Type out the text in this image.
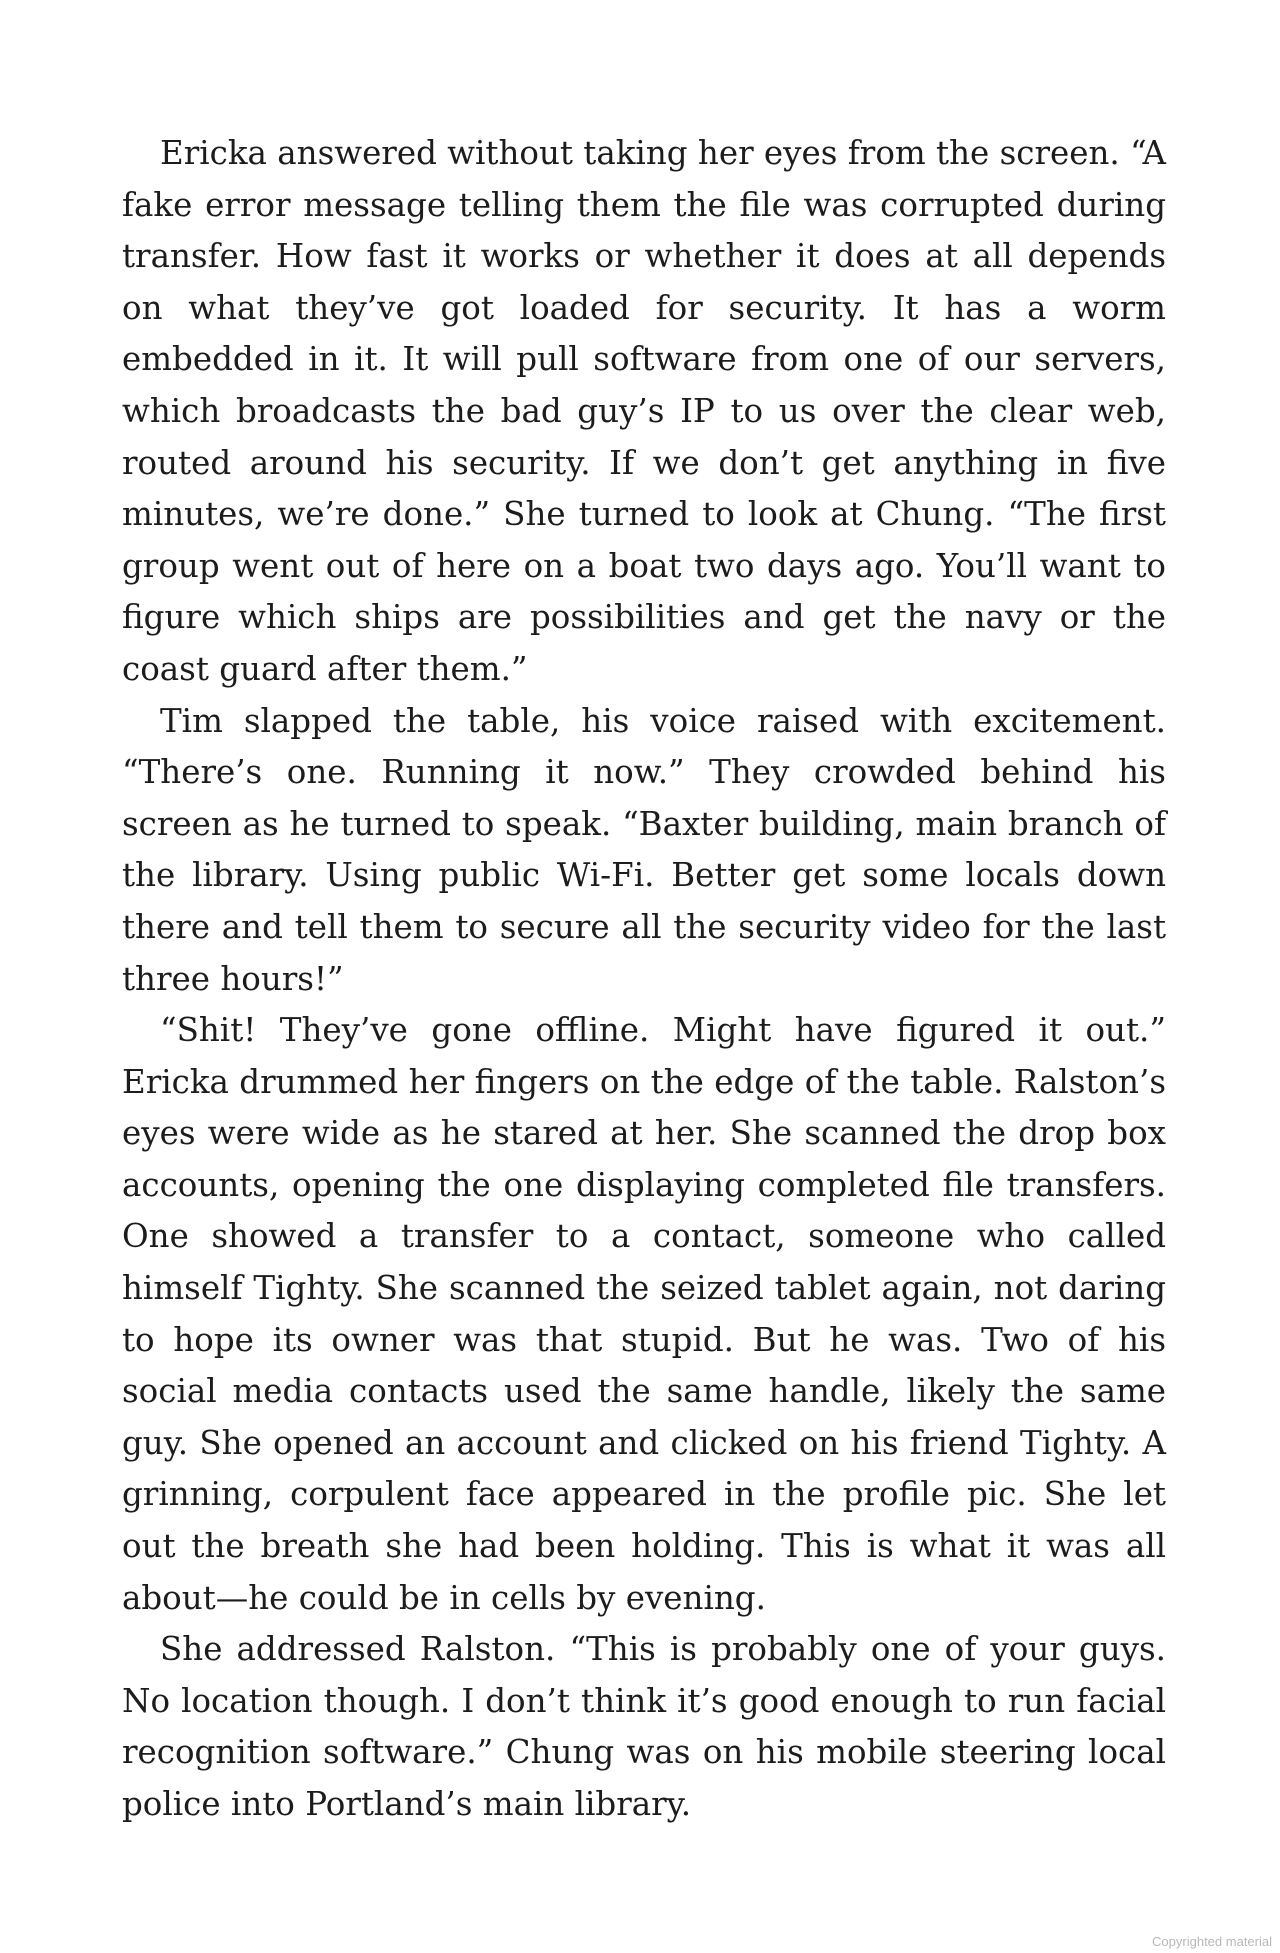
Ericka answered without taking her eyes from the screen. “A fake error message telling them the file was corrupted during transfer. How fast it works or whether it does at all depends on what they’ve got loaded for security. It has a worm embedded in it. It will pull software from one of our servers, which broadcasts the bad guy’s IP to us over the clear web, routed around his security. If we don’t get anything in five minutes, we’re done.” She turned to look at Chung. “The first group went out of here on a boat two days ago. You’ll want to figure which ships are possibilities and get the navy or the coast guard after them.”

Tim slapped the table, his voice raised with excitement. “There’s one. Running it now.” They crowded behind his screen as he turned to speak. “Baxter building, main branch of the library. Using public Wi-Fi. Better get some locals down there and tell them to secure all the security video for the last three hours!”

“Shit! They’ve gone offline. Might have figured it out.” Ericka drummed her fingers on the edge of the table. Ralston’s eyes were wide as he stared at her. She scanned the drop box accounts, opening the one displaying completed file transfers. One showed a transfer to a contact, someone who called himself Tighty. She scanned the seized tablet again, not daring to hope its owner was that stupid. But he was. Two of his social media contacts used the same handle, likely the same guy. She opened an account and clicked on his friend Tighty. A grinning, corpulent face appeared in the profile pic. She let out the breath she had been holding. This is what it was all about—he could be in cells by evening.

She addressed Ralston. “This is probably one of your guys. No location though. I don’t think it’s good enough to run facial recognition software.” Chung was on his mobile steering local police into Portland’s main library.

Copyrighted material
